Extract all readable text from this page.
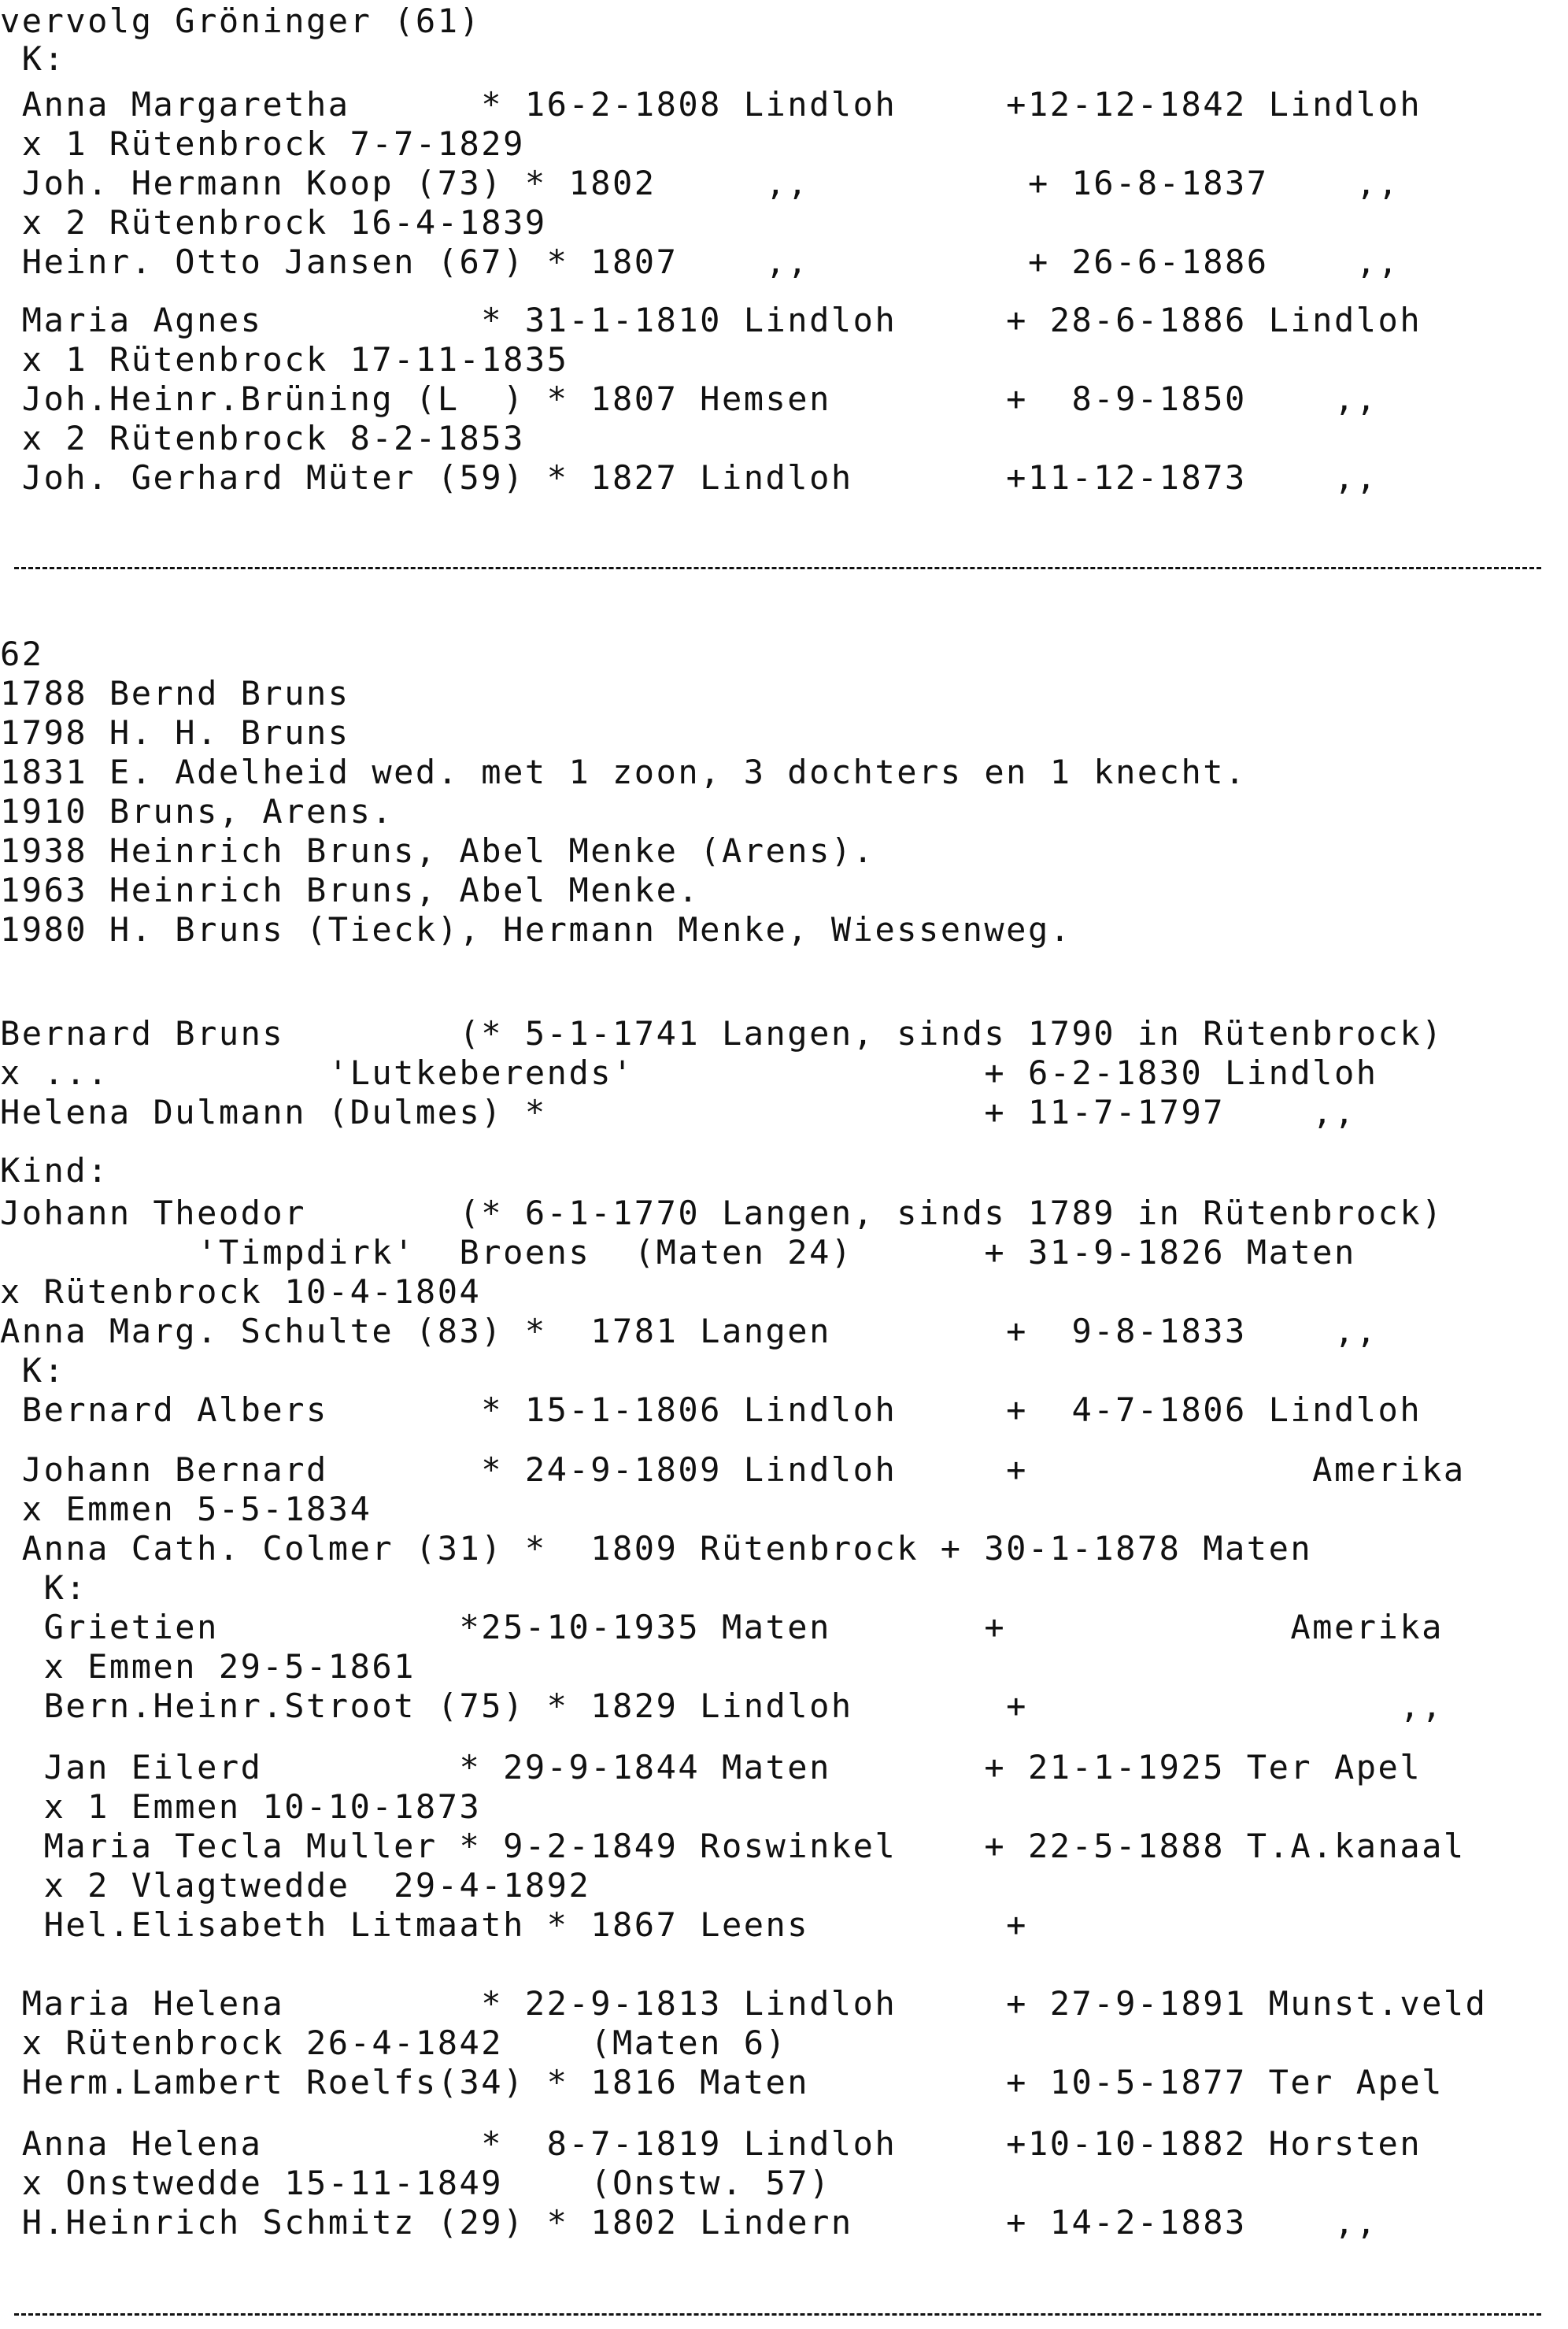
vervolg Gröninger (61)
K:
Anna Margaretha      * 16-2-1808 Lindloh     +12-12-1842 Lindloh
x 1 Rütenbrock 7-7-1829
Joh. Hermann Koop (73) * 1802     ,,          + 16-8-1837    ,,
x 2 Rütenbrock 16-4-1839
Heinr. Otto Jansen (67) * 1807    ,,          + 26-6-1886    ,,
Maria Agnes          * 31-1-1810 Lindloh     + 28-6-1886 Lindloh
x 1 Rütenbrock 17-11-1835
Joh.Heinr.Brüning (L  ) * 1807 Hemsen        +  8-9-1850    ,,
x 2 Rütenbrock 8-2-1853
Joh. Gerhard Müter (59) * 1827 Lindloh       +11-12-1873    ,,
62
1788 Bernd Bruns
1798 H. H. Bruns
1831 E. Adelheid wed. met 1 zoon, 3 dochters en 1 knecht.
1910 Bruns, Arens.
1938 Heinrich Bruns, Abel Menke (Arens).
1963 Heinrich Bruns, Abel Menke.
1980 H. Bruns (Tieck), Hermann Menke, Wiessenweg.
Bernard Bruns        (* 5-1-1741 Langen, sinds 1790 in Rütenbrock)
x ...          'Lutkeberends'                + 6-2-1830 Lindloh
Helena Dulmann (Dulmes) *                    + 11-7-1797    ,,
Kind:
Johann Theodor       (* 6-1-1770 Langen, sinds 1789 in Rütenbrock)
'Timpdirk'  Broens  (Maten 24)      + 31-9-1826 Maten
x Rütenbrock 10-4-1804
Anna Marg. Schulte (83) *  1781 Langen        +  9-8-1833    ,,
K:
Bernard Albers       * 15-1-1806 Lindloh     +  4-7-1806 Lindloh
Johann Bernard       * 24-9-1809 Lindloh     +             Amerika
x Emmen 5-5-1834
Anna Cath. Colmer (31) *  1809 Rütenbrock + 30-1-1878 Maten
K:
Grietien           *25-10-1935 Maten       +             Amerika
x Emmen 29-5-1861
Bern.Heinr.Stroot (75) * 1829 Lindloh       +                 ,,
Jan Eilerd         * 29-9-1844 Maten       + 21-1-1925 Ter Apel
x 1 Emmen 10-10-1873
Maria Tecla Muller * 9-2-1849 Roswinkel    + 22-5-1888 T.A.kanaal
x 2 Vlagtwedde  29-4-1892
Hel.Elisabeth Litmaath * 1867 Leens         +
Maria Helena         * 22-9-1813 Lindloh     + 27-9-1891 Munst.veld
x Rütenbrock 26-4-1842    (Maten 6)
Herm.Lambert Roelfs(34) * 1816 Maten         + 10-5-1877 Ter Apel
Anna Helena          *  8-7-1819 Lindloh     +10-10-1882 Horsten
x Onstwedde 15-11-1849    (Onstw. 57)
H.Heinrich Schmitz (29) * 1802 Lindern       + 14-2-1883    ,,
